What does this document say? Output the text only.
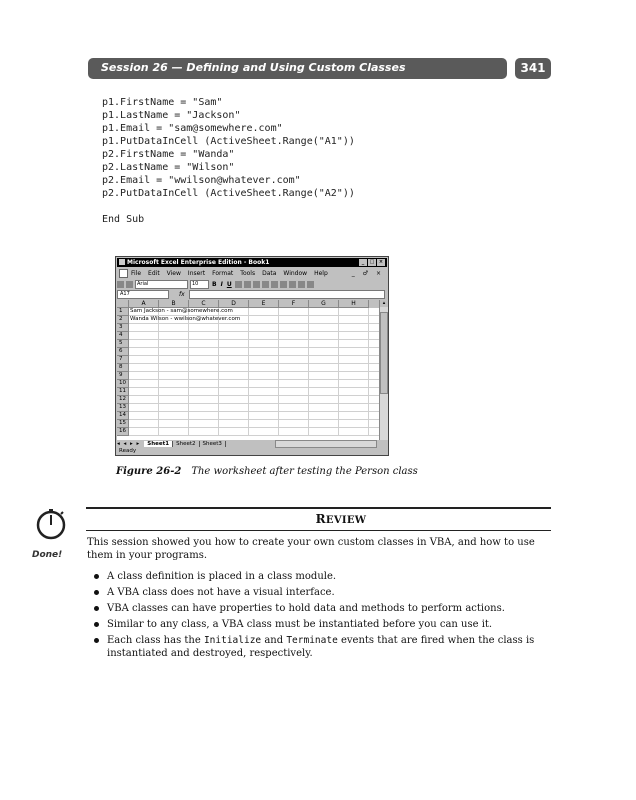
Session 26 — Defining and Using Custom Classes	341
p1.FirstName = "Sam"
p1.LastName = "Jackson"
p1.Email = "sam@somewhere.com"
p1.PutDataInCell (ActiveSheet.Range("A1"))
p2.FirstName = "Wanda"
p2.LastName = "Wilson"
p2.Email = "wwilson@whatever.com"
p2.PutDataInCell (ActiveSheet.Range("A2"))
End Sub
Microsoft Excel Enterprise Edition - Book1	_	□ ×
File Edit View Insert Format Tools Data Window Help	_ ♂ ×
Arial	10	B I U
A17	fx
A	B	C	D	E	F	G	H
1	Sam Jackson - sam@somewhere.com
2	Wanda Wilson - wwilson@whatever.com
3
4
5
6
7
8
9
10
11
12
13
14
15
16
▴
◂ ◂ ▸ ▸	Sheet1	Sheet2	Sheet3
Ready
Figure 26-2 The worksheet after testing the Person class
REVIEW
Done!
This session showed you how to create your own custom classes in VBA, and how to use them in your programs.
A class definition is placed in a class module.
A VBA class does not have a visual interface.
VBA classes can have properties to hold data and methods to perform actions.
Similar to any class, a VBA class must be instantiated before you can use it.
Each class has the Initialize and Terminate events that are fired when the class is instantiated and destroyed, respectively.
